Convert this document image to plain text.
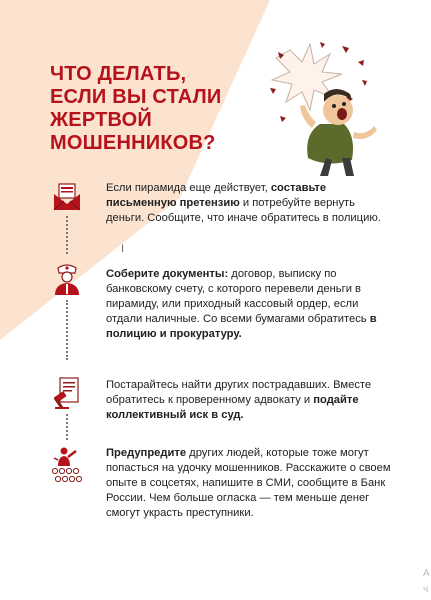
ЧТО ДЕЛАТЬ,
ЕСЛИ ВЫ СТАЛИ
ЖЕРТВОЙ
МОШЕННИКОВ?
Если пирамида еще действует, составьте письменную претензию и потребуйте вернуть деньги. Сообщите, что иначе обратитесь в полицию.
I
Соберите документы: договор, выписку по банковскому счету, с которого перевели деньги в пирамиду, или приходный кассовый ордер, если отдали наличные. Со всеми бумагами обратитесь в полицию и прокуратуру.
Постарайтесь найти других пострадавших. Вместе обратитесь к проверенному адвокату и подайте коллективный иск в суд.
Предупредите других людей, которые тоже могут попасться на удочку мошенников. Расскажите о своем опыте в соцсетях, напишите в СМИ, сообщите в Банк России. Чем больше огласка — тем меньше денег смогут украсть преступники.
А
ч
